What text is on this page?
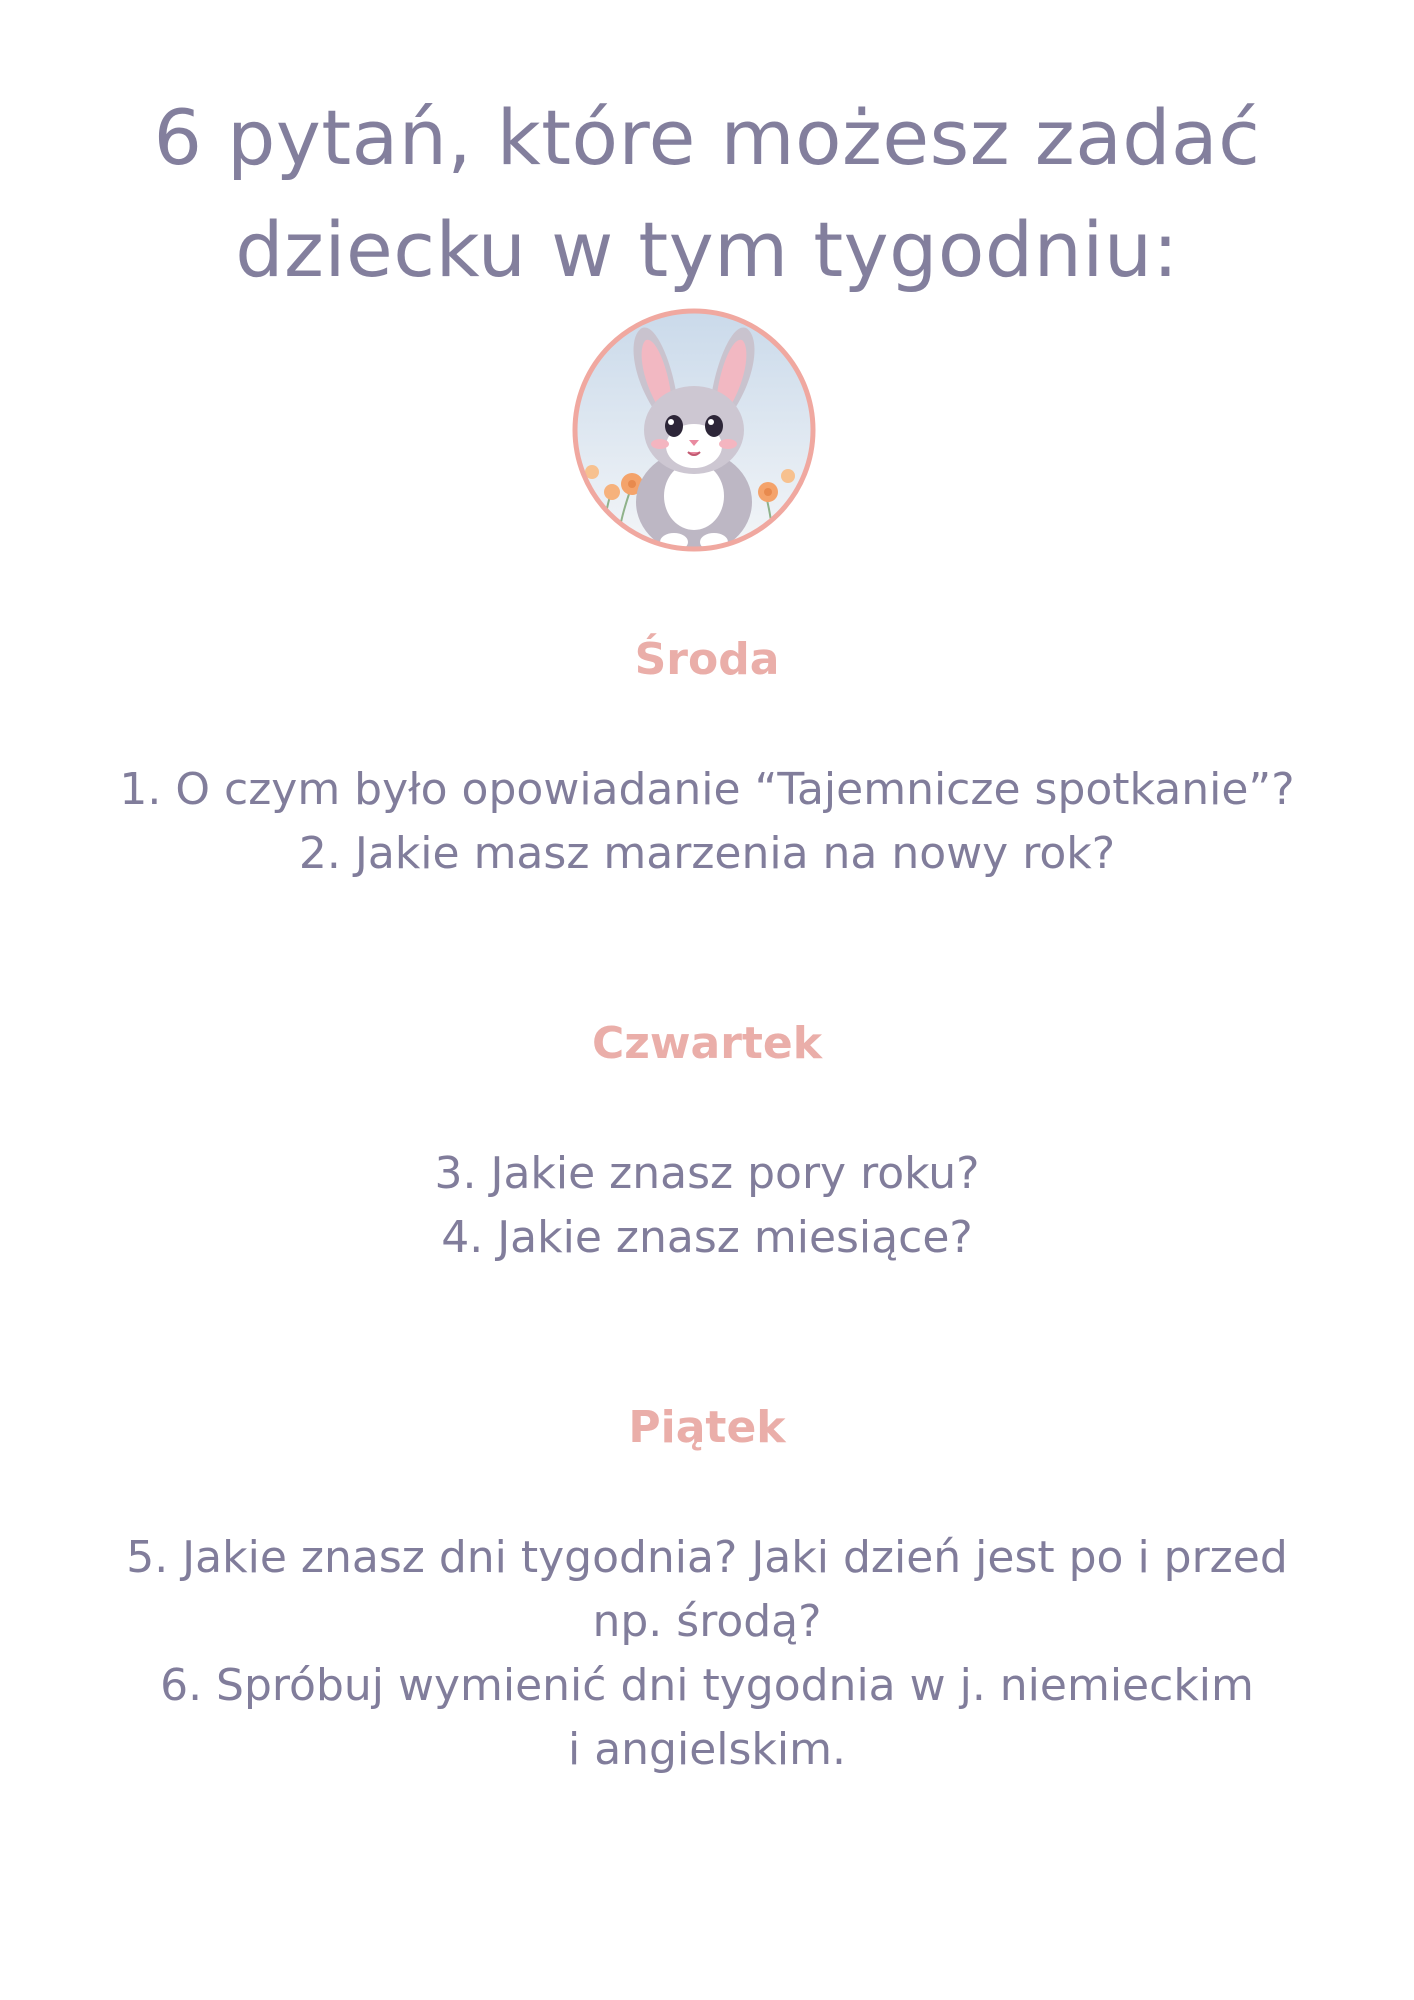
6 pytań, które możesz zadać
dziecku w tym tygodniu:
Środa
1. O czym było opowiadanie “Tajemnicze spotkanie”?
2. Jakie masz marzenia na nowy rok?
Czwartek
3. Jakie znasz pory roku?
4. Jakie znasz miesiące?
Piątek
5. Jakie znasz dni tygodnia? Jaki dzień jest po i przed
np. środą?
6. Spróbuj wymienić dni tygodnia w j. niemieckim
i angielskim.
